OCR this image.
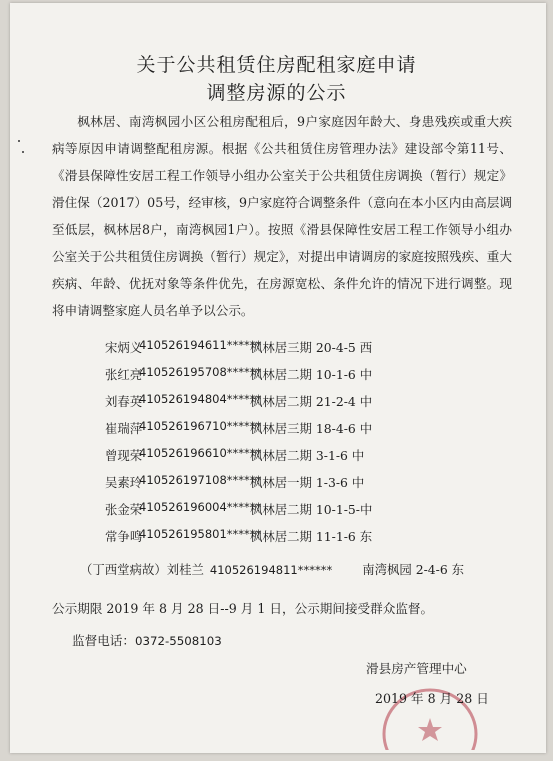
关于公共租赁住房配租家庭申请
调整房源的公示
枫林居、南湾枫园小区公租房配租后，9户家庭因年龄大、身患残疾或重大疾病等原因申请调整配租房源。根据《公共租赁住房管理办法》建设部令第11号、《滑县保障性安居工程工作领导小组办公室关于公共租赁住房调换（暂行）规定》滑住保（2017）05号，经审核，9户家庭符合调整条件（意向在本小区内由高层调至低层，枫林居8户，南湾枫园1户）。按照《滑县保障性安居工程工作领导小组办公室关于公共租赁住房调换（暂行）规定》，对提出申请调房的家庭按照残疾、重大疾病、年龄、优抚对象等条件优先，在房源宽松、条件允许的情况下进行调整。现将申请调整家庭人员名单予以公示。
宋炳义
410526194611******
枫林居三期 20-4-5 西
张红亮
410526195708******
枫林居二期 10-1-6 中
刘春英
410526194804******
枫林居二期 21-2-4 中
崔瑞萍
410526196710******
枫林居三期 18-4-6 中
曾现荣
410526196610******
枫林居二期 3-1-6 中
吴素玲
410526197108******
枫林居一期 1-3-6 中
张金荣
410526196004******
枫林居二期 10-1-5-中
常争鸣
410526195801******
枫林居二期 11-1-6 东
（丁西堂病故）刘桂兰 410526194811****** 南湾枫园 2-4-6 东
公示期限 2019 年 8 月 28 日--9 月 1 日，公示期间接受群众监督。
监督电话：0372-5508103
滑县房产管理中心
2019 年 8 月 28 日
